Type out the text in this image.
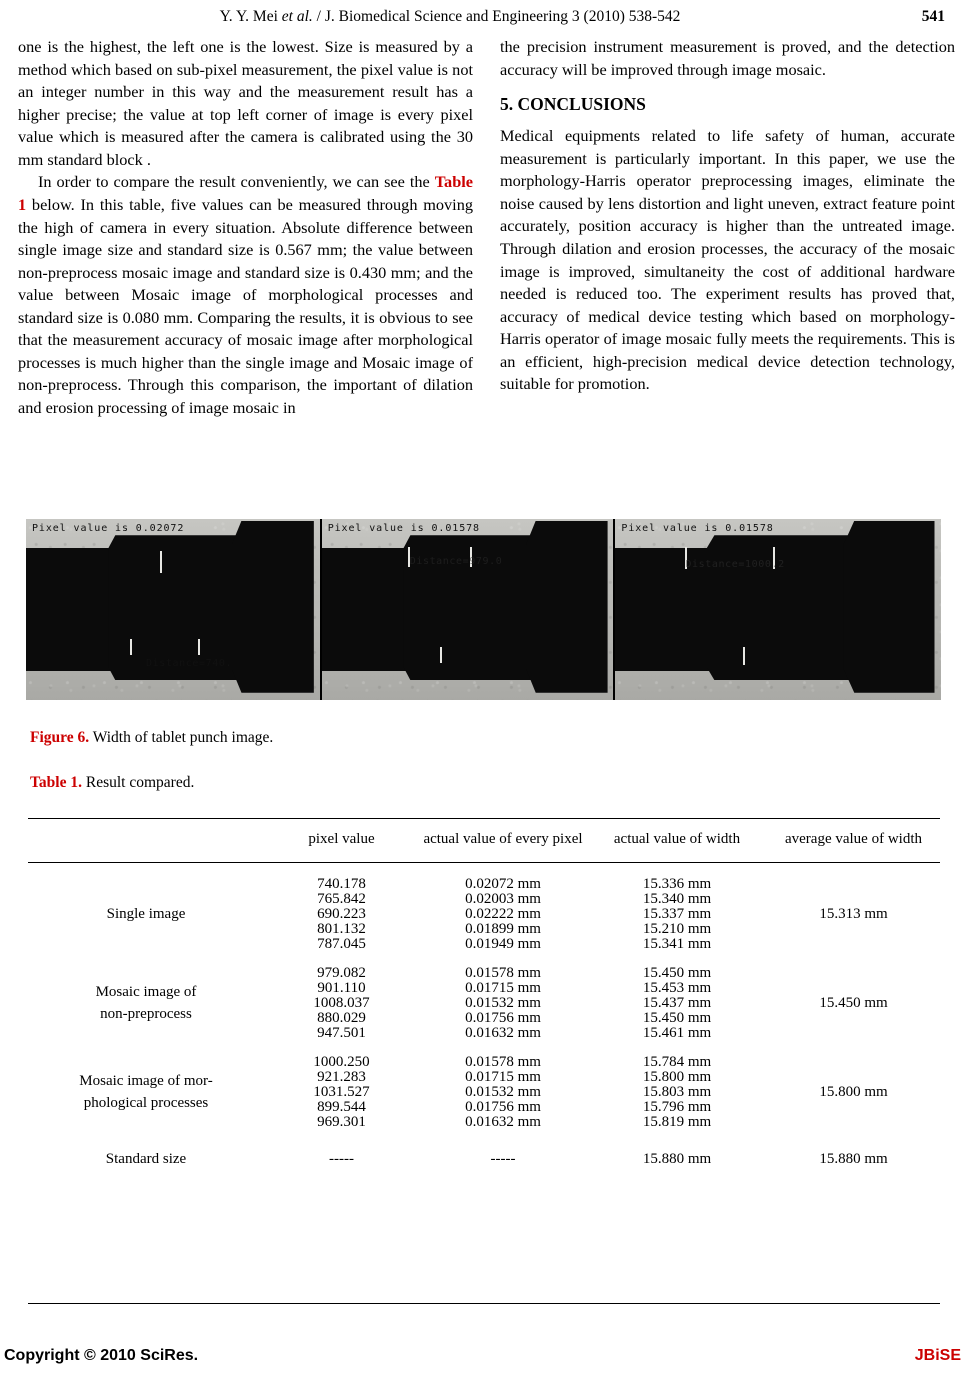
Y. Y. Mei et al. / J. Biomedical Science and Engineering 3 (2010) 538-542	541

one is the highest, the left one is the lowest. Size is measured by a method which based on sub-pixel measurement, the pixel value is not an integer number in this way and the measurement result has a higher precise; the value at top left corner of image is every pixel value which is measured after the camera is calibrated using the 30 mm standard block .

In order to compare the result conveniently, we can see the Table 1 below. In this table, five values can be measured through moving the high of camera in every situation. Absolute difference between single image size and standard size is 0.567 mm; the value between non-preprocess mosaic image and standard size is 0.430 mm; and the value between Mosaic image of morphological processes and standard size is 0.080 mm. Comparing the results, it is obvious to see that the measurement accuracy of mosaic image after morphological processes is much higher than the single image and Mosaic image of non-preprocess. Through this comparison, the important of dilation and erosion processing of image mosaic in

the precision instrument measurement is proved, and the detection accuracy will be improved through image mosaic.

5. CONCLUSIONS

Medical equipments related to life safety of human, accurate measurement is particularly important. In this paper, we use the morphology-Harris operator preprocessing images, eliminate the noise caused by lens distortion and light uneven, extract feature point accurately, position accuracy is higher than the untreated image. Through dilation and erosion processes, the accuracy of the mosaic image is improved, simultaneity the cost of additional hardware needed is reduced too. The experiment results has proved that, accuracy of medical device testing which based on morphology-Harris operator of image mosaic fully meets the requirements. This is an efficient, high-precision medical device detection technology, suitable for promotion.

Pixel value is 0.02072
Distance=740.
Pixel value is 0.01578
Distance=979.0
Pixel value is 0.01578
Distance=1000.2
Figure 6. Width of tablet punch image.
Table 1. Result compared.
	pixel value	actual value of every pixel	actual value of width	average value of width

Single image	740.178	0.02072 mm	15.336 mm	15.313 mm
	765.842	0.02003 mm	15.340 mm	
	690.223	0.02222 mm	15.337 mm	
	801.132	0.01899 mm	15.210 mm	
	787.045	0.01949 mm	15.341 mm	

Mosaic image of
non-preprocess	979.082	0.01578 mm	15.450 mm	15.450 mm
	901.110	0.01715 mm	15.453 mm	
	1008.037	0.01532 mm	15.437 mm	
	880.029	0.01756 mm	15.450 mm	
	947.501	0.01632 mm	15.461 mm	

Mosaic image of mor-
phological processes	1000.250	0.01578 mm	15.784 mm	15.800 mm
	921.283	0.01715 mm	15.800 mm	
	1031.527	0.01532 mm	15.803 mm	
	899.544	0.01756 mm	15.796 mm	
	969.301	0.01632 mm	15.819 mm	
Standard size	-----	-----	15.880 mm	15.880 mm
Copyright © 2010 SciRes.	JBiSE
